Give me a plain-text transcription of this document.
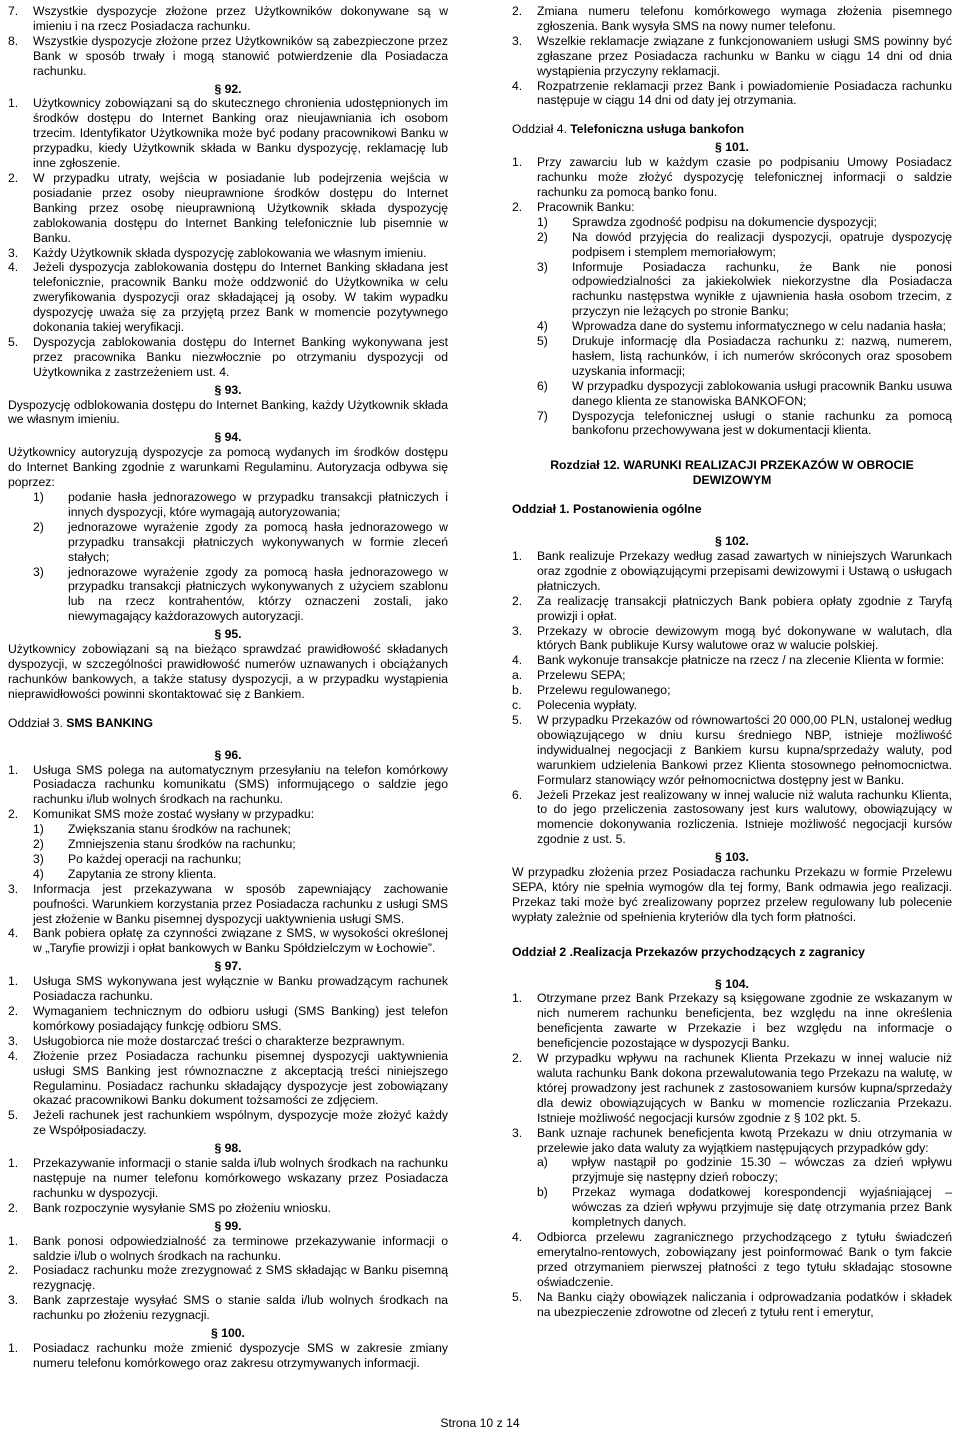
7.	Wszystkie dyspozycje złożone przez Użytkowników dokonywane są w imieniu i na rzecz Posiadacza rachunku.
8.	Wszystkie dyspozycje złożone przez Użytkowników są zabezpieczone przez Bank w sposób trwały i mogą stanowić potwierdzenie dla Posiadacza rachunku.
§ 92.
1.	Użytkownicy zobowiązani są do skutecznego chronienia udostępnionych im środków dostępu do Internet Banking oraz nieujawniania ich osobom trzecim. Identyfikator Użytkownika może być podany pracownikowi Banku w przypadku, kiedy Użytkownik składa w Banku dyspozycję, reklamację lub inne zgłoszenie.
2.	W przypadku utraty, wejścia w posiadanie lub podejrzenia wejścia w posiadanie przez osoby nieuprawnione środków dostępu do Internet Banking przez osobę nieuprawnioną Użytkownik składa dyspozycję zablokowania dostępu do Internet Banking telefonicznie lub pisemnie w Banku.
3.	Każdy Użytkownik składa dyspozycję zablokowania we własnym imieniu.
4.	Jeżeli dyspozycja zablokowania dostępu do Internet Banking składana jest telefonicznie, pracownik Banku może oddzwonić do Użytkownika w celu zweryfikowania dyspozycji oraz składającej ją osoby. W takim wypadku dyspozycję uważa się za przyjętą przez Bank w momencie pozytywnego dokonania takiej weryfikacji.
5.	Dyspozycja zablokowania dostępu do Internet Banking wykonywana jest przez pracownika Banku niezwłocznie po otrzymaniu dyspozycji od Użytkownika z zastrzeżeniem ust. 4.
§ 93.

Dyspozycję odblokowania dostępu do Internet Banking, każdy Użytkownik składa we własnym imieniu.

§ 94.

Użytkownicy autoryzują dyspozycje za pomocą wydanych im środków dostępu do Internet Banking zgodnie z warunkami Regulaminu. Autoryzacja odbywa się poprzez:

1)	podanie hasła jednorazowego w przypadku transakcji płatniczych i innych dyspozycji, które wymagają autoryzowania;
2)	jednorazowe wyrażenie zgody za pomocą hasła jednorazowego w przypadku transakcji płatniczych wykonywanych w formie zleceń stałych;
3)	jednorazowe wyrażenie zgody za pomocą hasła jednorazowego w przypadku transakcji płatniczych wykonywanych z użyciem szablonu lub na rzecz kontrahentów, którzy oznaczeni zostali, jako niewymagający każdorazowych autoryzacji.
§ 95.

Użytkownicy zobowiązani są na bieżąco sprawdzać prawidłowość składanych dyspozycji, w szczególności prawidłowość numerów uznawanych i obciążanych rachunków bankowych, a także statusy dyspozycji, a w przypadku wystąpienia nieprawidłowości powinni skontaktować się z Bankiem.

Oddział 3. SMS BANKING
§ 96.
1.	Usługa SMS polega na automatycznym przesyłaniu na telefon komórkowy Posiadacza rachunku komunikatu (SMS) informującego o saldzie jego rachunku i/lub wolnych środkach na rachunku.
2.	Komunikat SMS może zostać wysłany w przypadku:
1)	Zwiększania stanu środków na rachunek;
2)	Zmniejszenia stanu środków na rachunku;
3)	Po każdej operacji na rachunku;
4)	Zapytania ze strony klienta.
3.	Informacja jest przekazywana w sposób zapewniający zachowanie poufności. Warunkiem korzystania przez Posiadacza rachunku z usługi SMS jest złożenie w Banku pisemnej dyspozycji uaktywnienia usługi SMS.
4.	Bank pobiera opłatę za czynności związane z SMS, w wysokości określonej w „Taryfie prowizji i opłat bankowych w Banku Spółdzielczym w Łochowie”.
§ 97.
1.	Usługa SMS wykonywana jest wyłącznie w Banku prowadzącym rachunek Posiadacza rachunku.
2.	Wymaganiem technicznym do odbioru usługi (SMS Banking) jest telefon komórkowy posiadający funkcję odbioru SMS.
3.	Usługobiorca nie może dostarczać treści o charakterze bezprawnym.
4.	Złożenie przez Posiadacza rachunku pisemnej dyspozycji uaktywnienia usługi SMS Banking jest równoznaczne z akceptacją treści niniejszego Regulaminu. Posiadacz rachunku składający dyspozycje jest zobowiązany okazać pracownikowi Banku dokument tożsamości ze zdjęciem.
5.	Jeżeli rachunek jest rachunkiem wspólnym, dyspozycje może złożyć każdy ze Współposiadaczy.
§ 98.
1.	Przekazywanie informacji o stanie salda i/lub wolnych środkach na rachunku następuje na numer telefonu komórkowego wskazany przez Posiadacza rachunku w dyspozycji.
2.	Bank rozpoczynie wysyłanie SMS po złożeniu wniosku.
§ 99.
1.	Bank ponosi odpowiedzialność za terminowe przekazywanie informacji o saldzie i/lub o wolnych środkach na rachunku.
2.	Posiadacz rachunku może zrezygnować z SMS składając w Banku pisemną rezygnację.
3.	Bank zaprzestaje wysyłać SMS o stanie salda i/lub wolnych środkach na rachunku po złożeniu rezygnacji.
§ 100.
1.	Posiadacz rachunku może zmienić dyspozycje SMS w zakresie zmiany numeru telefonu komórkowego oraz zakresu otrzymywanych informacji.
2.	Zmiana numeru telefonu komórkowego wymaga złożenia pisemnego zgłoszenia. Bank wysyła SMS na nowy numer telefonu.
3.	Wszelkie reklamacje związane z funkcjonowaniem usługi SMS powinny być zgłaszane przez Posiadacza rachunku w Banku w ciągu 14 dni od dnia wystąpienia przyczyny reklamacji.
4.	Rozpatrzenie reklamacji przez Bank i powiadomienie Posiadacza rachunku następuje w ciągu 14 dni od daty jej otrzymania.
Oddział 4. Telefoniczna usługa bankofon
§ 101.
1.	Przy zawarciu lub w każdym czasie po podpisaniu Umowy Posiadacz rachunku może złożyć dyspozycję telefonicznej informacji o saldzie rachunku za pomocą banko fonu.
2.	Pracownik Banku:
1)	Sprawdza zgodność podpisu na dokumencie dyspozycji;
2)	Na dowód przyjęcia do realizacji dyspozycji, opatruje dyspozycję podpisem i stemplem memoriałowym;
3)	Informuje Posiadacza rachunku, że Bank nie ponosi odpowiedzialności za jakiekolwiek niekorzystne dla Posiadacza rachunku następstwa wynikłe z ujawnienia hasła osobom trzecim, z przyczyn nie leżących po stronie Banku;
4)	Wprowadza dane do systemu informatycznego w celu nadania hasła;
5)	Drukuje informację dla Posiadacza rachunku z: nazwą, numerem, hasłem, listą rachunków, i ich numerów skróconych oraz sposobem uzyskania informacji;
6)	W przypadku dyspozycji zablokowania usługi pracownik Banku usuwa danego klienta ze stanowiska BANKOFON;
7)	Dyspozycja telefonicznej usługi o stanie rachunku za pomocą bankofonu przechowywana jest w dokumentacji klienta.
Rozdział 12. WARUNKI REALIZACJI PRZEKAZÓW W OBROCIE DEWIZOWYM
Oddział 1. Postanowienia ogólne
§ 102.
1.	Bank realizuje Przekazy według zasad zawartych w niniejszych Warunkach oraz zgodnie z obowiązującymi przepisami dewizowymi i Ustawą o usługach płatniczych.
2.	Za realizację transakcji płatniczych Bank pobiera opłaty zgodnie z Taryfą prowizji i opłat.
3.	Przekazy w obrocie dewizowym mogą być dokonywane w walutach, dla których Bank publikuje Kursy walutowe oraz w walucie polskiej.
4.	Bank wykonuje transakcje płatnicze na rzecz / na zlecenie Klienta w formie:
a.	Przelewu SEPA;
b.	Przelewu regulowanego;
c.	Polecenia wypłaty.
5.	W przypadku Przekazów od równowartości 20 000,00 PLN, ustalonej według obowiązującego w dniu kursu średniego NBP, istnieje możliwość indywidualnej negocjacji z Bankiem kursu kupna/sprzedaży waluty, pod warunkiem udzielenia Bankowi przez Klienta stosownego pełnomocnictwa. Formularz stanowiący wzór pełnomocnictwa dostępny jest w Banku.
6.	Jeżeli Przekaz jest realizowany w innej walucie niż waluta rachunku Klienta, to do jego przeliczenia zastosowany jest kurs walutowy, obowiązujący w momencie dokonywania rozliczenia. Istnieje możliwość negocjacji kursów zgodnie z ust. 5.
§ 103.

W przypadku złożenia przez Posiadacza rachunku Przekazu w formie Przelewu SEPA, który nie spełnia wymogów dla tej formy, Bank odmawia jego realizacji. Przekaz taki może być zrealizowany poprzez przelew regulowany lub polecenie wypłaty zależnie od spełnienia kryteriów dla tych form płatności.

Oddział 2 .Realizacja Przekazów przychodzących z zagranicy
§ 104.
1.	Otrzymane przez Bank Przekazy są księgowane zgodnie ze wskazanym w nich numerem rachunku beneficjenta, bez względu na inne określenia beneficjenta zawarte w Przekazie i bez względu na informacje o beneficjencie pozostające w dyspozycji Banku.
2.	W przypadku wpływu na rachunek Klienta Przekazu w innej walucie niż waluta rachunku Bank dokona przewalutowania tego Przekazu na walutę, w której prowadzony jest rachunek z zastosowaniem kursów kupna/sprzedaży dla dewiz obowiązujących w Banku w momencie rozliczania Przekazu. Istnieje możliwość negocjacji kursów zgodnie z § 102 pkt. 5.
3.	Bank uznaje rachunek beneficjenta kwotą Przekazu w dniu otrzymania w przelewie jako data waluty za wyjątkiem następujących przypadków gdy:
a)	wpływ nastąpił po godzinie 15.30 – wówczas za dzień wpływu przyjmuje się następny dzień roboczy;
b)	Przekaz wymaga dodatkowej korespondencji wyjaśniającej – wówczas za dzień wpływu przyjmuje się datę otrzymania przez Bank kompletnych danych.
4.	Odbiorca przelewu zagranicznego przychodzącego z tytułu świadczeń emerytalno-rentowych, zobowiązany jest poinformować Bank o tym fakcie przed otrzymaniem pierwszej płatności z tego tytułu składając stosowne oświadczenie.
5.	Na Banku ciąży obowiązek naliczania i odprowadzania podatków i składek na ubezpieczenie zdrowotne od zleceń z tytułu rent i emerytur,
Strona 10 z 14
